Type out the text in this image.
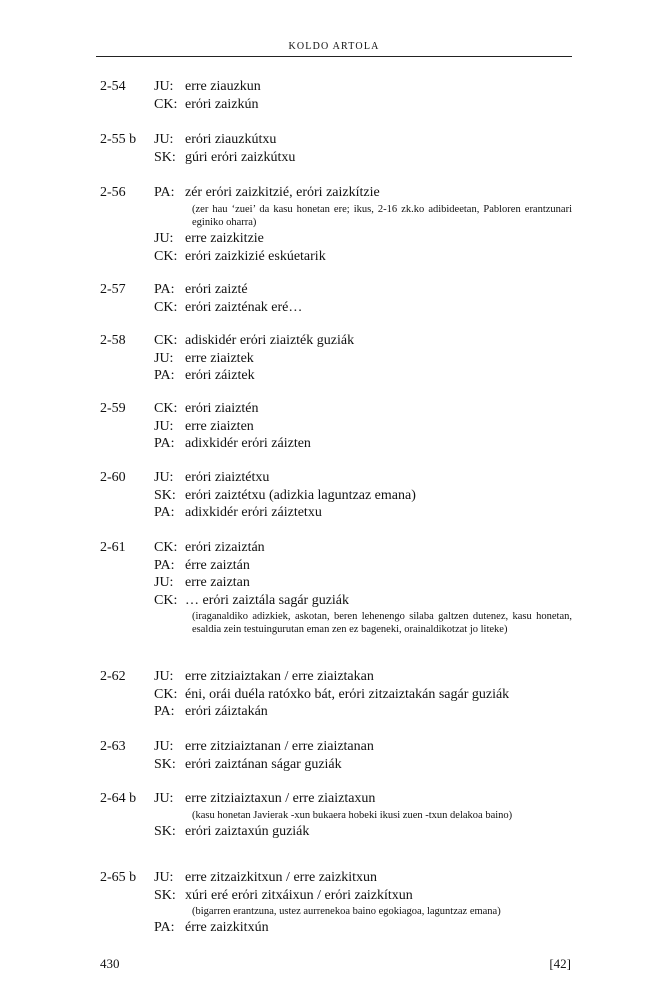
KOLDO ARTOLA
2-54 JU: erre ziauzkun
CK: erόri zaizkún
2-55 b JU: erόri ziauzkútxu
SK: gúri erόri zaizkútxu
2-56 PA: zér erόri zaizkitzié, erόri zaizkítzie
(zer hau ‘zuei’ da kasu honetan ere; ikus, 2-16 zk.ko adibideetan, Pabloren erantzunari eginiko oharra)
JU: erre zaizkitzie
CK: erόri zaizkizié eskúetarik
2-57 PA: erόri zaizté
CK: erόri zaizténak eré…
2-58 CK: adiskidér erόri ziaizték guziák
JU: erre ziaiztek
PA: erόri záiztek
2-59 CK: erόri ziaiztén
JU: erre ziaizten
PA: adixkidér erόri záizten
2-60 JU: erόri ziaiztétxu
SK: erόri zaiztétxu (adizkia laguntzaz emana)
PA: adixkidér erόri záiztetxu
2-61 CK: erόri zizaiztán
PA: érre zaiztán
JU: erre zaiztan
CK: … erόri zaiztála sagár guziák
(iraganaldiko adizkiek, askotan, beren lehenengo silaba galtzen dutenez, kasu honetan, esaldia zein testuingurutan eman zen ez bageneki, orainaldikotzat jo liteke)
2-62 JU: erre zitziaiztakan / erre ziaiztakan
CK: éni, orái duéla ratóxko bát, erόri zitzaiztakán sagár guziák
PA: erόri záiztakán
2-63 JU: erre zitziaiztanan / erre ziaiztanan
SK: erόri zaiztánan ságar guziák
2-64 b JU: erre zitziaiztaxun / erre ziaiztaxun
(kasu honetan Javierak -xun bukaera hobeki ikusi zuen -txun delakoa baino)
SK: erόri zaiztaxún guziák
2-65 b JU: erre zitzaizkitxun / erre zaizkitxun
SK: xúri eré erόri zitxáixun / erόri zaizkítxun
(bigarren erantzuna, ustez aurrenekoa baino egokiagoa, laguntzaz emana)
PA: érre zaizkitxún
430	[42]
